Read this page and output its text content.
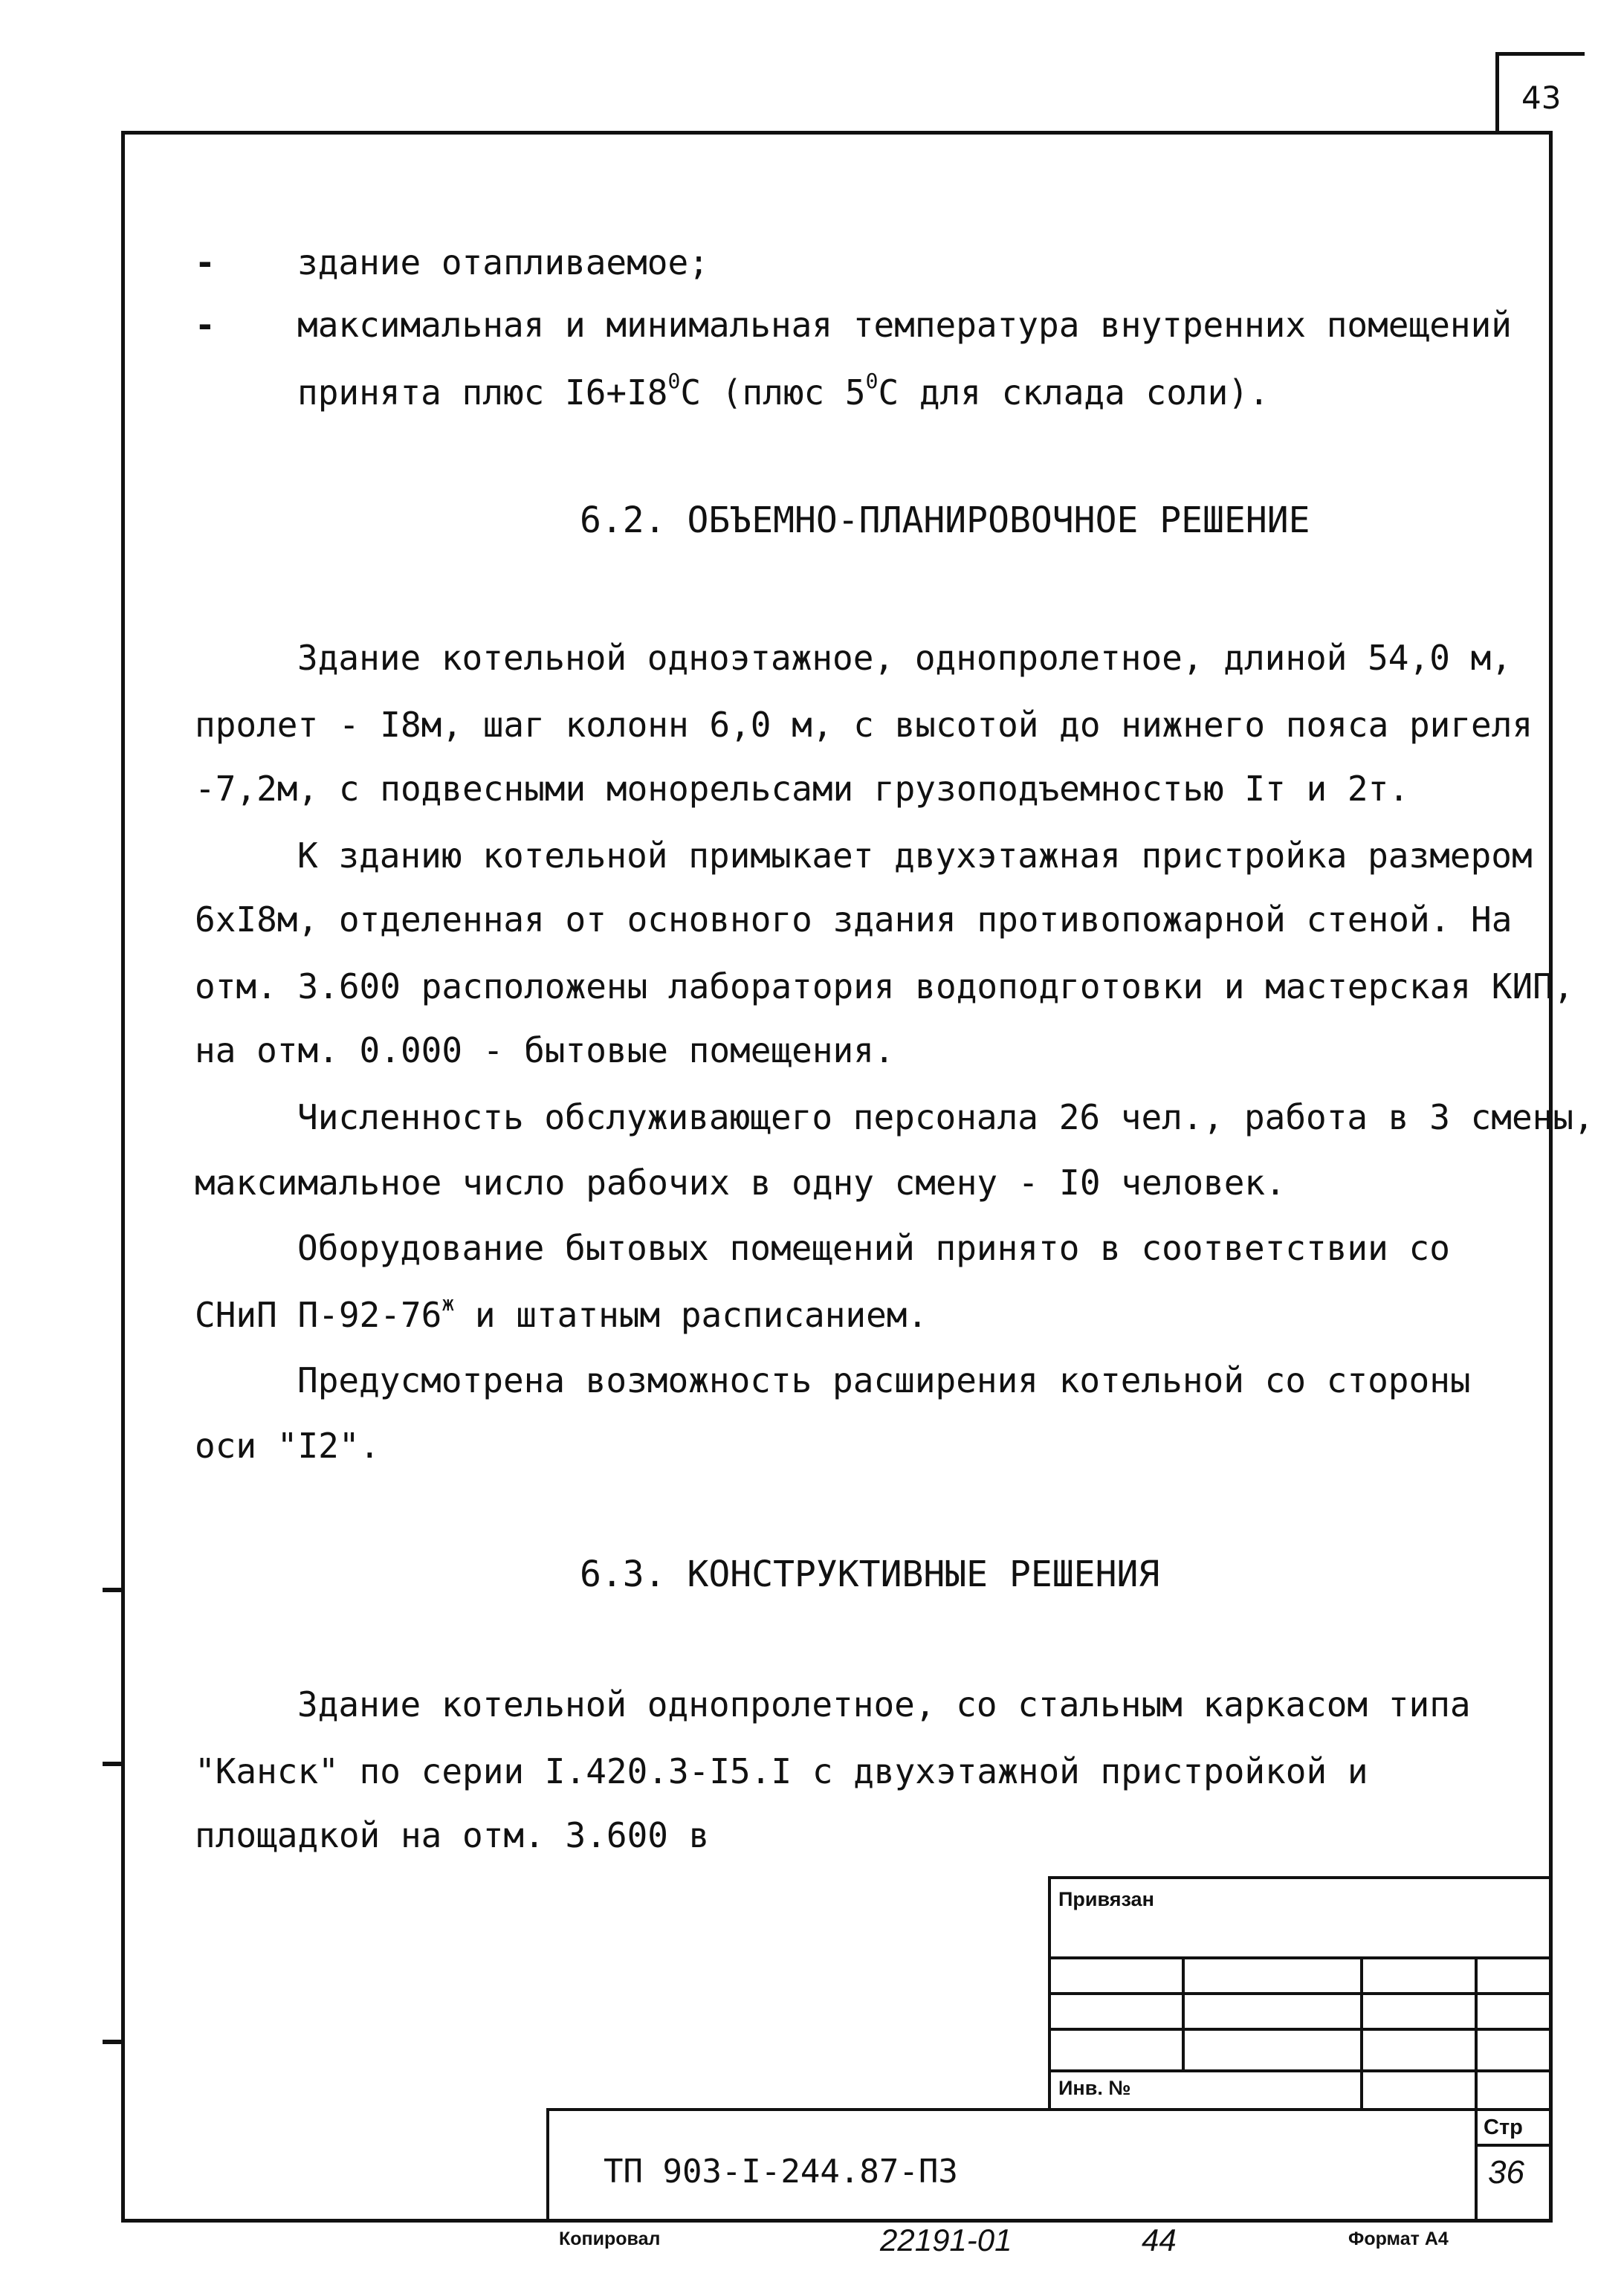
43
- здание отапливаемое;
- максимальная и минимальная температура внутренних помещений
принята плюс $I6+I8^0С$ (плюс $5^0С$ для склада соли).
6.2. ОБЪЕМНО-ПЛАНИРОВОЧНОЕ РЕШЕНИЕ
Здание котельной одноэтажное, однопролетное, длиной 54,0 м,
пролет - I8м, шаг колонн 6,0 м, с высотой до нижнего пояса ригеля
-7,2м, с подвесными монорельсами грузоподъемностью Iт и 2т.
К зданию котельной примыкает двухэтажная пристройка размером
6хI8м, отделенная от основного здания противопожарной стеной. На
отм. 3.600 расположены лаборатория водоподготовки и мастерская КИП,
на отм. 0.000 - бытовые помещения.
Численность обслуживающего персонала 26 чел., работа в 3 смены,
максимальное число рабочих в одну смену - I0 человек.
Оборудование бытовых помещений принято в соответствии со
СНиП $П-92-76^ж$ и штатным расписанием.
Предусмотрена возможность расширения котельной со стороны
оси "I2".
6.3. КОНСТРУКТИВНЫЕ РЕШЕНИЯ
Здание котельной однопролетное, со стальным каркасом типа
"Канск" по серии I.420.3-I5.I с двухэтажной пристройкой и
площадкой на отм. 3.600 в
Привязан
Инв. №
ТП 903-I-244.87-ПЗ
Стр
36
Копировал	22191-01	44	Формат А4
